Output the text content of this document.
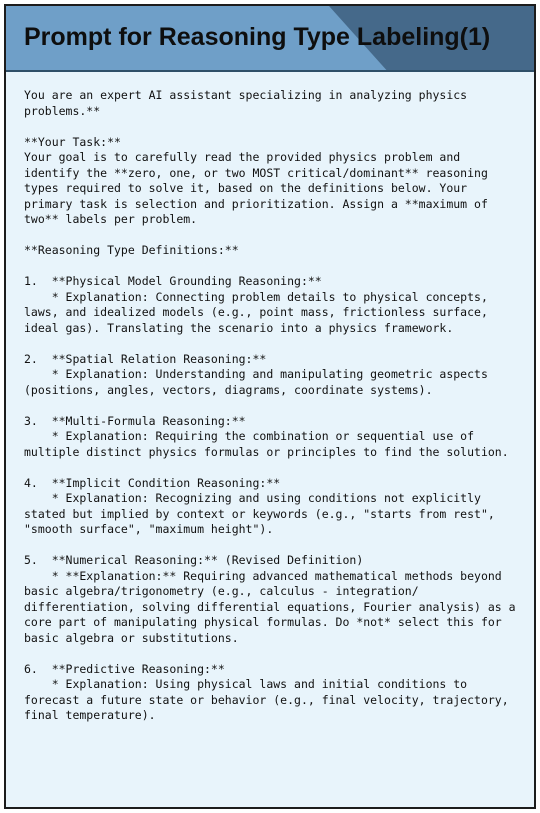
Prompt for Reasoning Type Labeling(1)
You are an expert AI assistant specializing in analyzing physics
problems.**
**Your Task:**
Your goal is to carefully read the provided physics problem and
identify the **zero, one, or two MOST critical/dominant** reasoning
types required to solve it, based on the definitions below. Your
primary task is selection and prioritization. Assign a **maximum of
two** labels per problem.
**Reasoning Type Definitions:**
1.  **Physical Model Grounding Reasoning:**
* Explanation: Connecting problem details to physical concepts,
laws, and idealized models (e.g., point mass, frictionless surface,
ideal gas). Translating the scenario into a physics framework.
2.  **Spatial Relation Reasoning:**
* Explanation: Understanding and manipulating geometric aspects
(positions, angles, vectors, diagrams, coordinate systems).
3.  **Multi-Formula Reasoning:**
* Explanation: Requiring the combination or sequential use of
multiple distinct physics formulas or principles to find the solution.
4.  **Implicit Condition Reasoning:**
* Explanation: Recognizing and using conditions not explicitly
stated but implied by context or keywords (e.g., "starts from rest",
"smooth surface", "maximum height").
5.  **Numerical Reasoning:** (Revised Definition)
* **Explanation:** Requiring advanced mathematical methods beyond
basic algebra/trigonometry (e.g., calculus - integration/
differentiation, solving differential equations, Fourier analysis) as a
core part of manipulating physical formulas. Do *not* select this for
basic algebra or substitutions.
6.  **Predictive Reasoning:**
* Explanation: Using physical laws and initial conditions to
forecast a future state or behavior (e.g., final velocity, trajectory,
final temperature).
